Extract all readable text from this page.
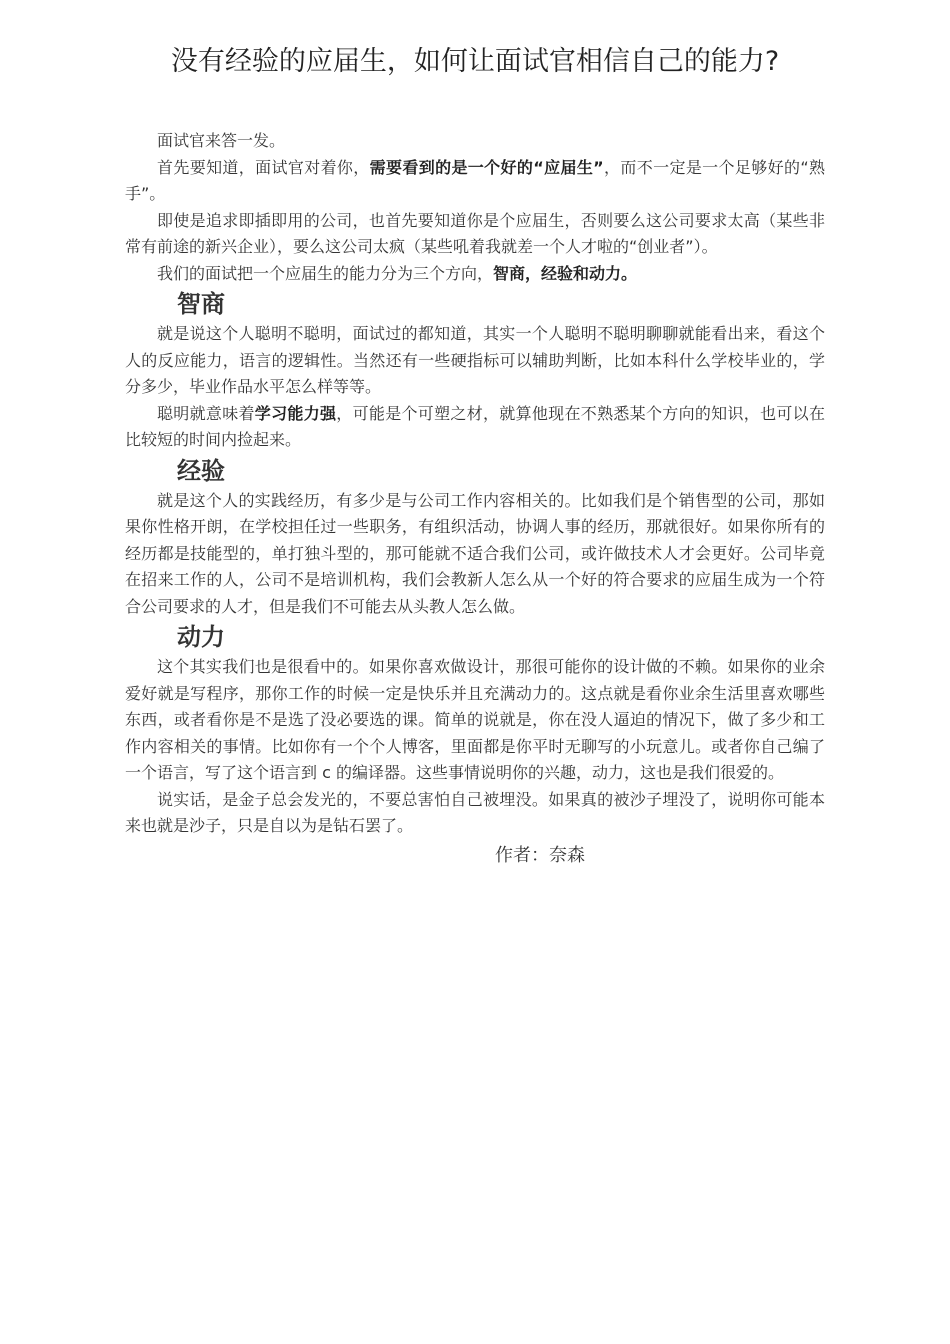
没有经验的应届生，如何让面试官相信自己的能力?

面试官来答一发。

首先要知道，面试官对着你，需要看到的是一个好的“应届生”，而不一定是一个足够好的“熟手”。

即使是追求即插即用的公司，也首先要知道你是个应届生，否则要么这公司要求太高（某些非常有前途的新兴企业），要么这公司太疯（某些吼着我就差一个人才啦的“创业者”）。

我们的面试把一个应届生的能力分为三个方向，智商，经验和动力。

智商

就是说这个人聪明不聪明，面试过的都知道，其实一个人聪明不聪明聊聊就能看出来，看这个人的反应能力，语言的逻辑性。当然还有一些硬指标可以辅助判断，比如本科什么学校毕业的，学分多少，毕业作品水平怎么样等等。

聪明就意味着学习能力强，可能是个可塑之材，就算他现在不熟悉某个方向的知识，也可以在比较短的时间内捡起来。

经验

就是这个人的实践经历，有多少是与公司工作内容相关的。比如我们是个销售型的公司，那如果你性格开朗，在学校担任过一些职务，有组织活动，协调人事的经历，那就很好。如果你所有的经历都是技能型的，单打独斗型的，那可能就不适合我们公司，或许做技术人才会更好。公司毕竟在招来工作的人，公司不是培训机构，我们会教新人怎么从一个好的符合要求的应届生成为一个符合公司要求的人才，但是我们不可能去从头教人怎么做。

动力

这个其实我们也是很看中的。如果你喜欢做设计，那很可能你的设计做的不赖。如果你的业余爱好就是写程序，那你工作的时候一定是快乐并且充满动力的。这点就是看你业余生活里喜欢哪些东西，或者看你是不是选了没必要选的课。简单的说就是，你在没人逼迫的情况下，做了多少和工作内容相关的事情。比如你有一个个人博客，里面都是你平时无聊写的小玩意儿。或者你自己编了一个语言，写了这个语言到 c 的编译器。这些事情说明你的兴趣，动力，这也是我们很爱的。

说实话，是金子总会发光的，不要总害怕自己被埋没。如果真的被沙子埋没了，说明你可能本来也就是沙子，只是自以为是钻石罢了。

作者：奈森
